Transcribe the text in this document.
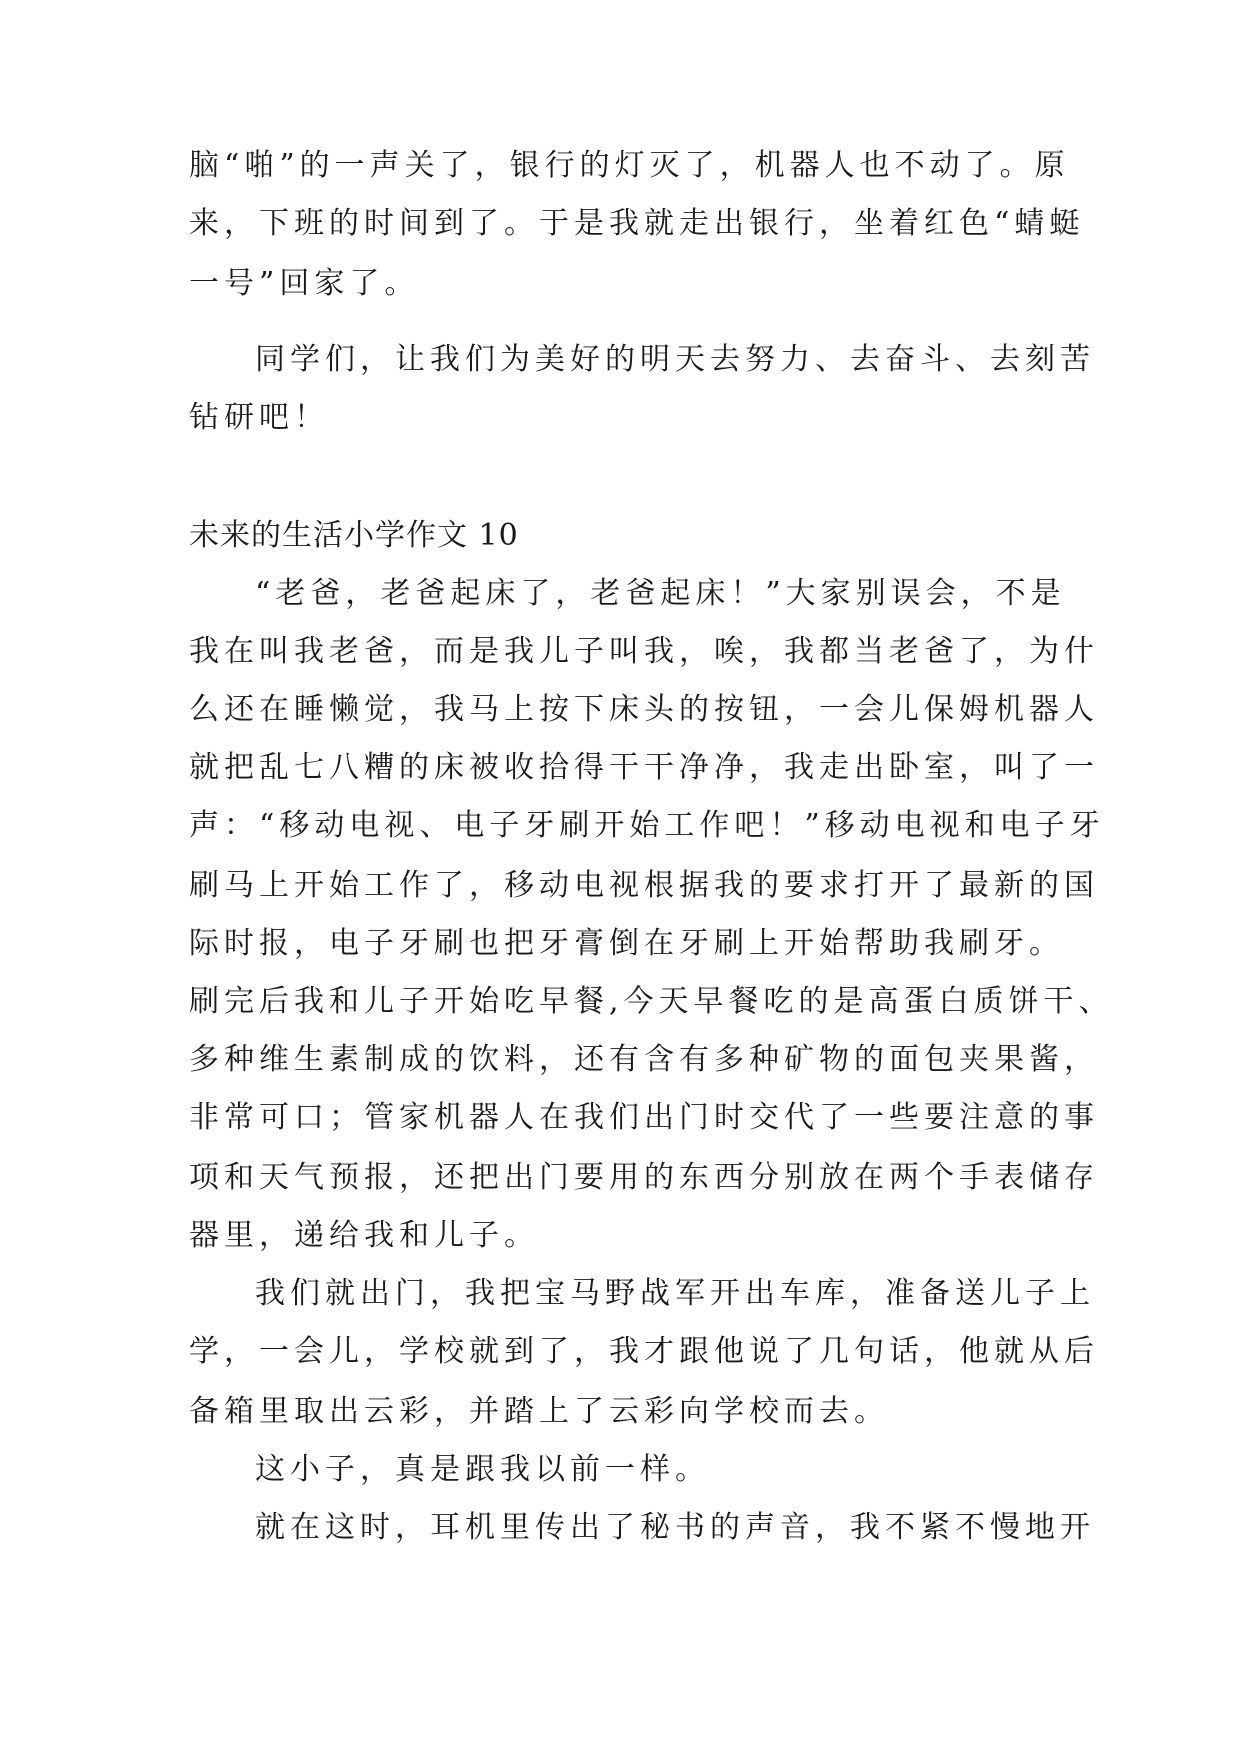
脑“啪”的一声关了，银行的灯灭了，机器人也不动了。原
来，下班的时间到了。于是我就走出银行，坐着红色“蜻蜓
一号”回家了。
同学们，让我们为美好的明天去努力、去奋斗、去刻苦
钻研吧！
未来的生活小学作文 10
“老爸，老爸起床了，老爸起床！”大家别误会，不是
我在叫我老爸，而是我儿子叫我，唉，我都当老爸了，为什
么还在睡懒觉，我马上按下床头的按钮，一会儿保姆机器人
就把乱七八糟的床被收拾得干干净净，我走出卧室，叫了一
声：“移动电视、电子牙刷开始工作吧！”移动电视和电子牙
刷马上开始工作了，移动电视根据我的要求打开了最新的国
际时报，电子牙刷也把牙膏倒在牙刷上开始帮助我刷牙。
刷完后我和儿子开始吃早餐,今天早餐吃的是高蛋白质饼干、
多种维生素制成的饮料，还有含有多种矿物的面包夹果酱，
非常可口；管家机器人在我们出门时交代了一些要注意的事
项和天气预报，还把出门要用的东西分别放在两个手表储存
器里，递给我和儿子。
我们就出门，我把宝马野战军开出车库，准备送儿子上
学，一会儿，学校就到了，我才跟他说了几句话，他就从后
备箱里取出云彩，并踏上了云彩向学校而去。
这小子，真是跟我以前一样。
就在这时，耳机里传出了秘书的声音，我不紧不慢地开
